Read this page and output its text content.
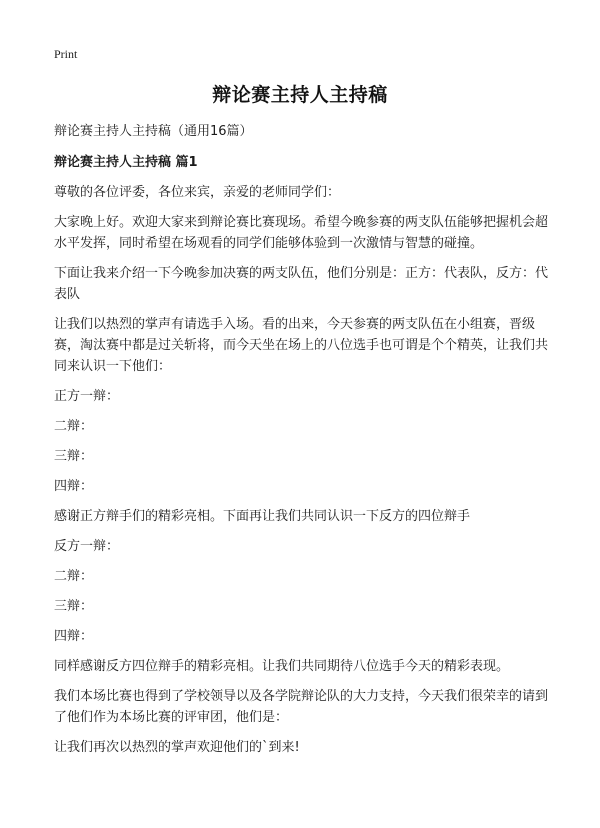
Print
辩论赛主持人主持稿

辩论赛主持人主持稿（通用16篇）

辩论赛主持人主持稿 篇1

尊敬的各位评委，各位来宾，亲爱的老师同学们：

大家晚上好。欢迎大家来到辩论赛比赛现场。希望今晚参赛的两支队伍能够把握机会超水平发挥，同时希望在场观看的同学们能够体验到一次激情与智慧的碰撞。

下面让我来介绍一下今晚参加决赛的两支队伍，他们分别是：正方：代表队，反方：代表队

让我们以热烈的掌声有请选手入场。看的出来，今天参赛的两支队伍在小组赛，晋级赛，淘汰赛中都是过关斩将，而今天坐在场上的八位选手也可谓是个个精英，让我们共同来认识一下他们：

正方一辩：

二辩：

三辩：

四辩：

感谢正方辩手们的精彩亮相。下面再让我们共同认识一下反方的四位辩手

反方一辩：

二辩：

三辩：

四辩：

同样感谢反方四位辩手的精彩亮相。让我们共同期待八位选手今天的精彩表现。

我们本场比赛也得到了学校领导以及各学院辩论队的大力支持，今天我们很荣幸的请到了他们作为本场比赛的评审团，他们是：

让我们再次以热烈的掌声欢迎他们的`到来!
